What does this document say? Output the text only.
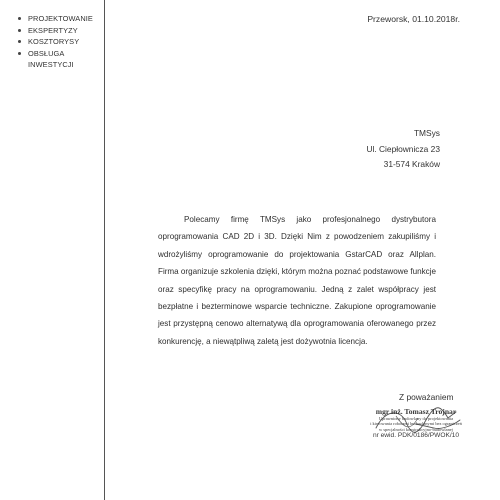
PROJEKTOWANIE
EKSPERTYZY
KOSZTORYSY
OBSŁUGA INWESTYCJI
Przeworsk, 01.10.2018r.
TMSys
Ul. Ciepłownicza 23
31-574 Kraków

Polecamy firmę TMSys jako profesjonalnego dystrybutora oprogramowania CAD 2D i 3D. Dzięki Nim z powodzeniem zakupiliśmy i wdrożyliśmy oprogramowanie do projektowania GstarCAD oraz Allplan. Firma organizuje szkolenia dzięki, którym można poznać podstawowe funkcje oraz specyfikę pracy na oprogramowaniu. Jedną z zalet współpracy jest bezpłatne i bezterminowe wsparcie techniczne. Zakupione oprogramowanie jest przystępną cenowo alternatywą dla oprogramowania oferowanego przez konkurencję, a niewątpliwą zaletą jest dożywotnia licencja.

Z poważaniem
mgr inż. Tomasz Trojnar
Uprawniony budowlany do projektowania
i kierowania robotami budowlanymi bez ograniczeń
w specjalności konstrukcyjno-budowlanej
nr ewid. PDK/0186/PWOK/10
